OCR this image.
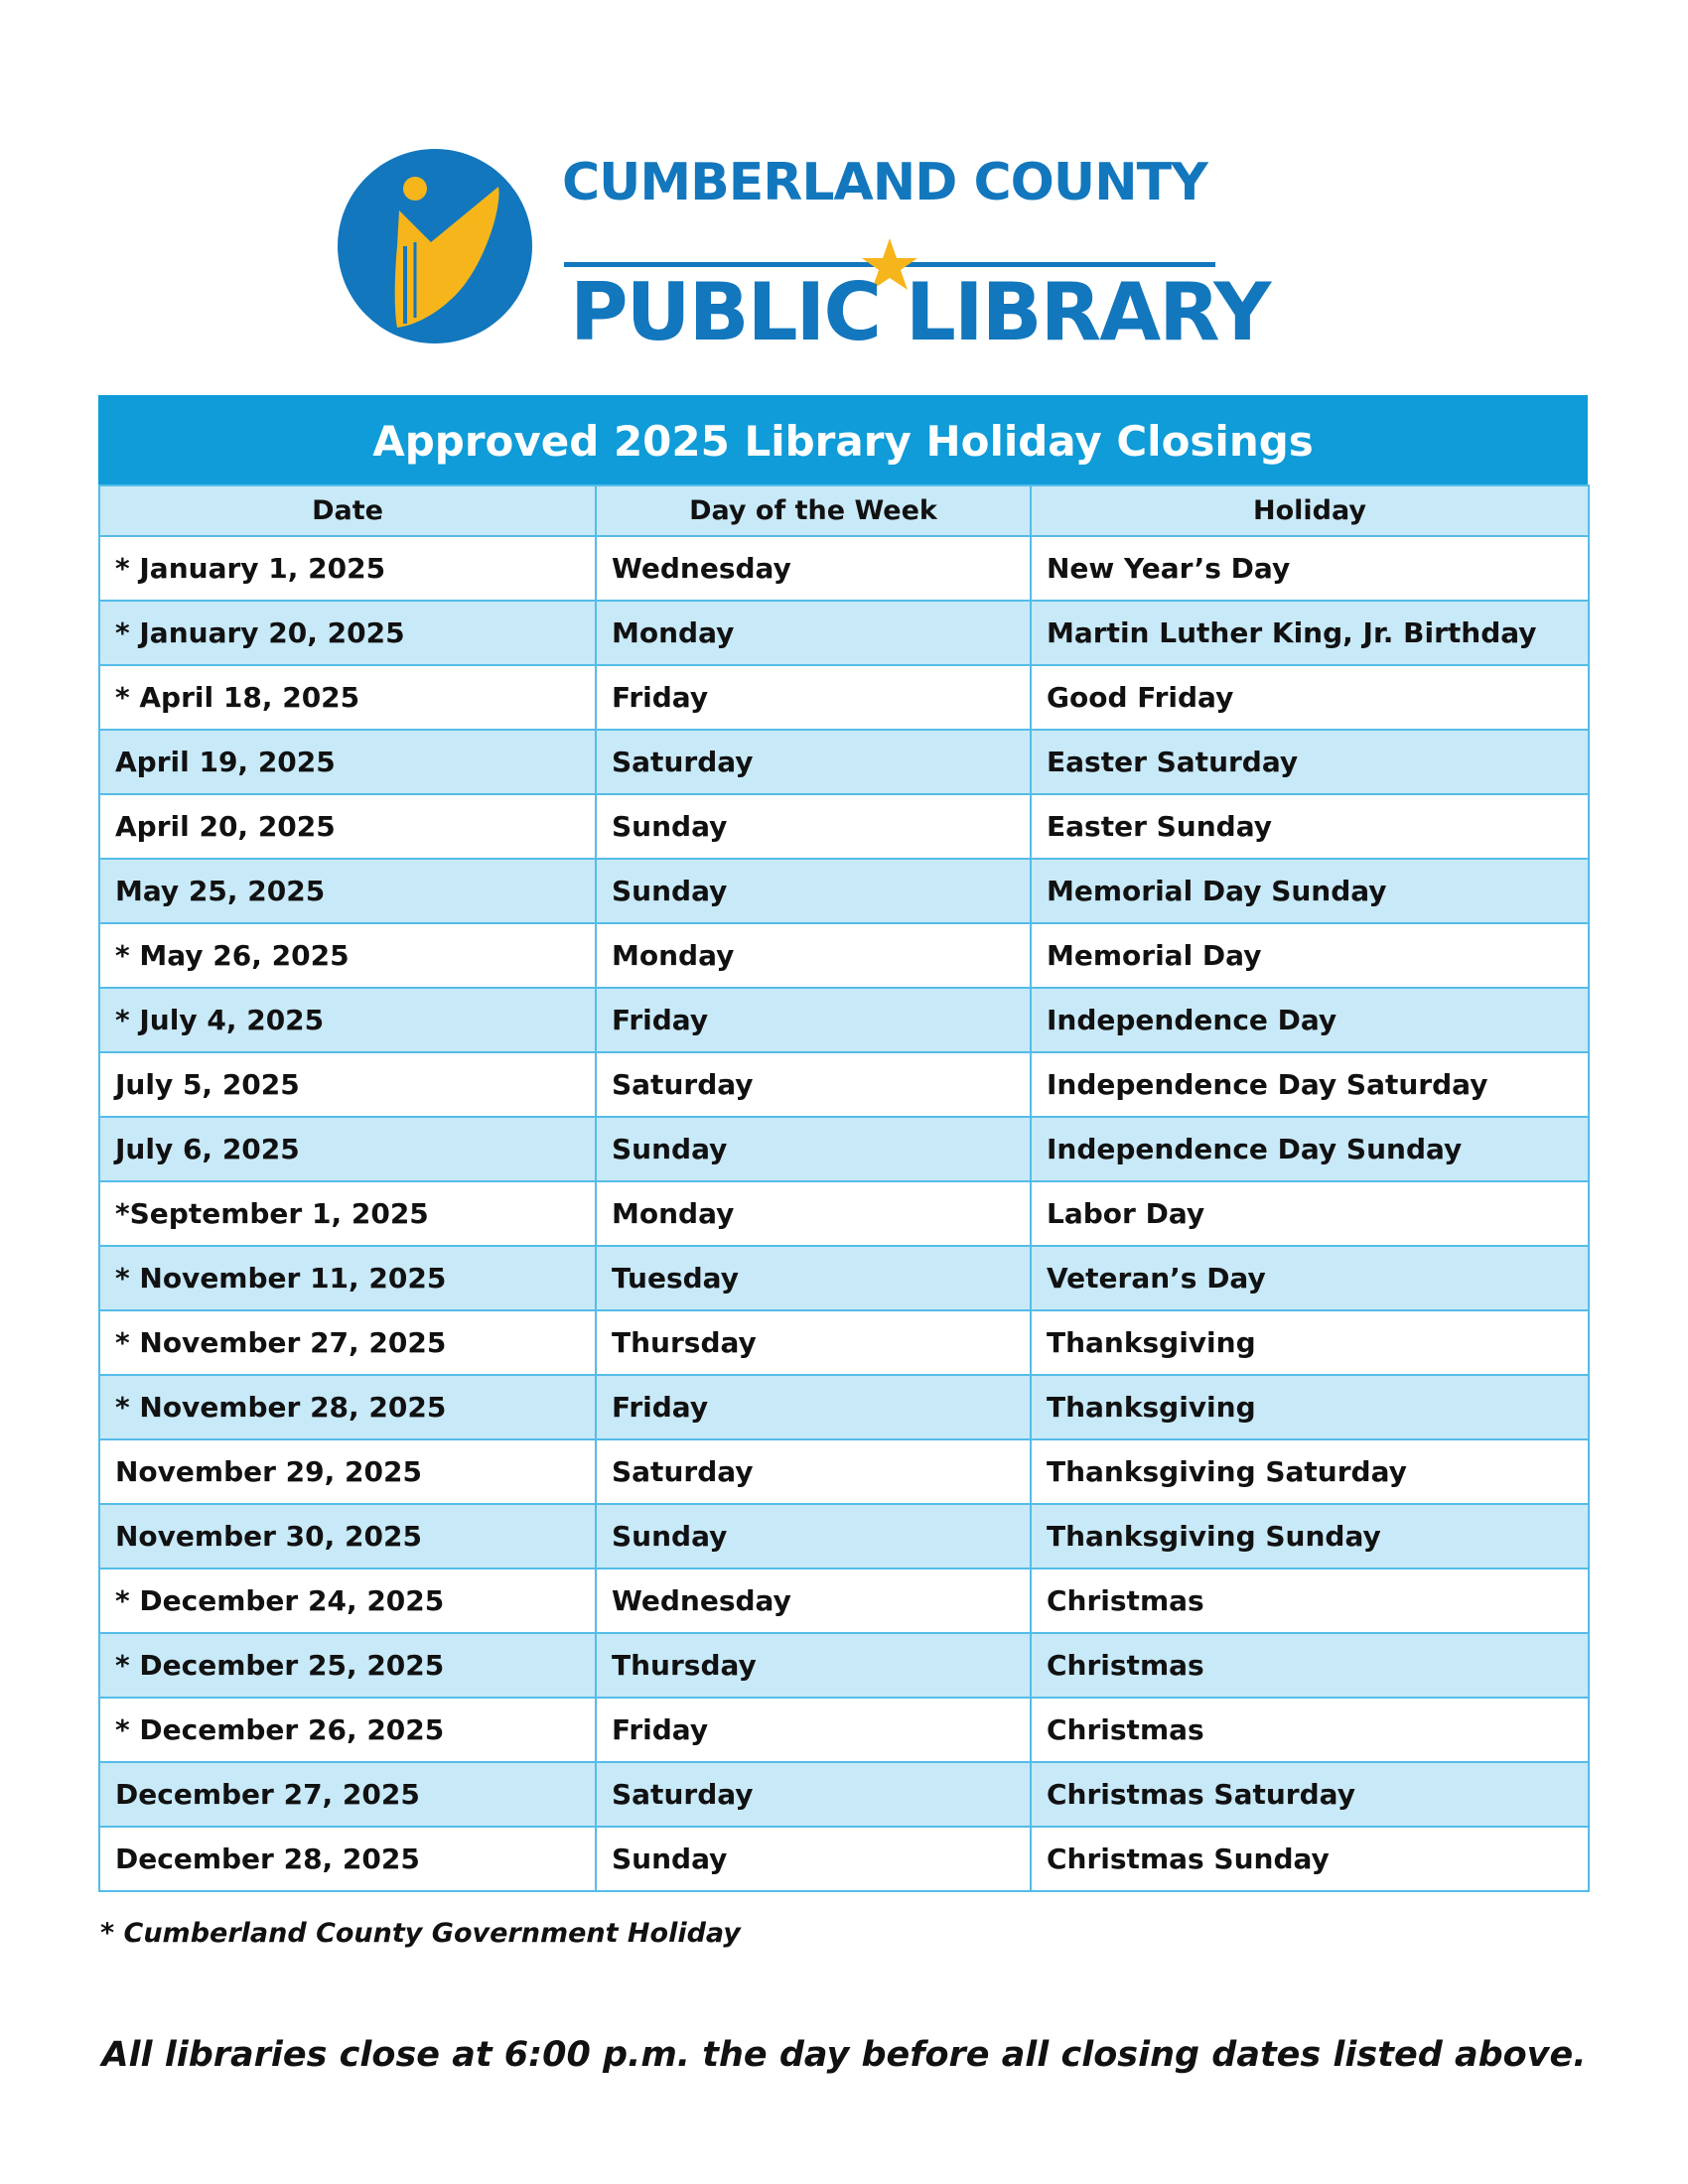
CUMBERLAND COUNTY
PUBLIC LIBRARY
Approved 2025 Library Holiday Closings
Date	Day of the Week	Holiday
* January 1, 2025	Wednesday	New Year’s Day
* January 20, 2025	Monday	Martin Luther King, Jr. Birthday
* April 18, 2025	Friday	Good Friday
April 19, 2025	Saturday	Easter Saturday
April 20, 2025	Sunday	Easter Sunday
May 25, 2025	Sunday	Memorial Day Sunday
* May 26, 2025	Monday	Memorial Day
* July 4, 2025	Friday	Independence Day
July 5, 2025	Saturday	Independence Day Saturday
July 6, 2025	Sunday	Independence Day Sunday
*September 1, 2025	Monday	Labor Day
* November 11, 2025	Tuesday	Veteran’s Day
* November 27, 2025	Thursday	Thanksgiving
* November 28, 2025	Friday	Thanksgiving
November 29, 2025	Saturday	Thanksgiving Saturday
November 30, 2025	Sunday	Thanksgiving Sunday
* December 24, 2025	Wednesday	Christmas
* December 25, 2025	Thursday	Christmas
* December 26, 2025	Friday	Christmas
December 27, 2025	Saturday	Christmas Saturday
December 28, 2025	Sunday	Christmas Sunday
* Cumberland County Government Holiday
All libraries close at 6:00 p.m. the day before all closing dates listed above.
